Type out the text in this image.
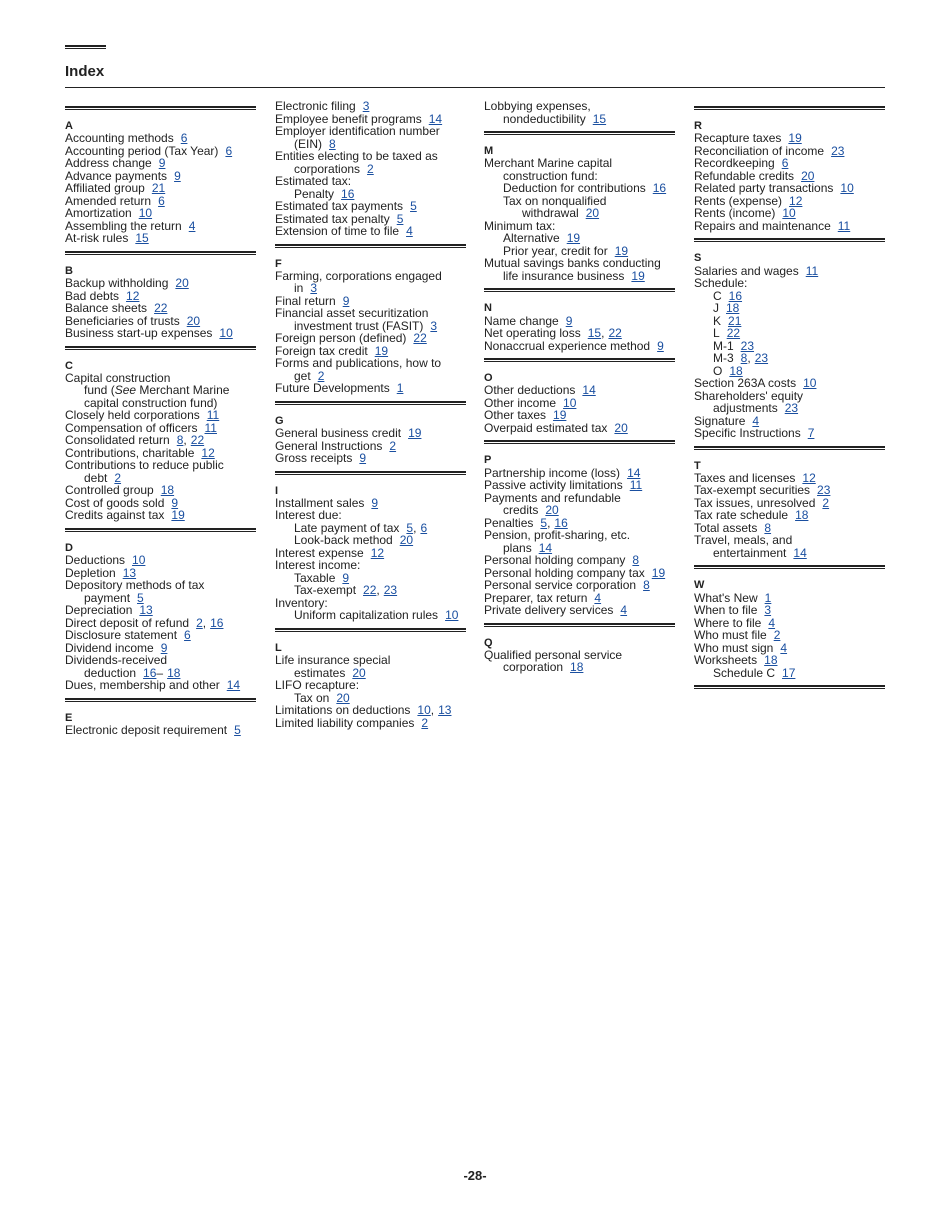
Index
A
Accounting methods 6
Accounting period (Tax Year) 6
Address change 9
Advance payments 9
Affiliated group 21
Amended return 6
Amortization 10
Assembling the return 4
At-risk rules 15
B
Backup withholding 20
Bad debts 12
Balance sheets 22
Beneficiaries of trusts 20
Business start-up expenses 10
C
Capital construction
fund (See Merchant Marine
capital construction fund)
Closely held corporations 11
Compensation of officers 11
Consolidated return 8, 22
Contributions, charitable 12
Contributions to reduce public
debt 2
Controlled group 18
Cost of goods sold 9
Credits against tax 19
D
Deductions 10
Depletion 13
Depository methods of tax
payment 5
Depreciation 13
Direct deposit of refund 2, 16
Disclosure statement 6
Dividend income 9
Dividends-received
deduction 16– 18
Dues, membership and other 14
E
Electronic deposit requirement 5
Electronic filing 3
Employee benefit programs 14
Employer identification number
(EIN) 8
Entities electing to be taxed as
corporations 2
Estimated tax:
Penalty 16
Estimated tax payments 5
Estimated tax penalty 5
Extension of time to file 4
F
Farming, corporations engaged
in 3
Final return 9
Financial asset securitization
investment trust (FASIT) 3
Foreign person (defined) 22
Foreign tax credit 19
Forms and publications, how to
get 2
Future Developments 1
G
General business credit 19
General Instructions 2
Gross receipts 9
I
Installment sales 9
Interest due:
Late payment of tax 5, 6
Look-back method 20
Interest expense 12
Interest income:
Taxable 9
Tax-exempt 22, 23
Inventory:
Uniform capitalization rules 10
L
Life insurance special
estimates 20
LIFO recapture:
Tax on 20
Limitations on deductions 10, 13
Limited liability companies 2
Lobbying expenses,
nondeductibility 15
M
Merchant Marine capital
construction fund:
Deduction for contributions 16
Tax on nonqualified
withdrawal 20
Minimum tax:
Alternative 19
Prior year, credit for 19
Mutual savings banks conducting
life insurance business 19
N
Name change 9
Net operating loss 15, 22
Nonaccrual experience method 9
O
Other deductions 14
Other income 10
Other taxes 19
Overpaid estimated tax 20
P
Partnership income (loss) 14
Passive activity limitations 11
Payments and refundable
credits 20
Penalties 5, 16
Pension, profit-sharing, etc.
plans 14
Personal holding company 8
Personal holding company tax 19
Personal service corporation 8
Preparer, tax return 4
Private delivery services 4
Q
Qualified personal service
corporation 18
R
Recapture taxes 19
Reconciliation of income 23
Recordkeeping 6
Refundable credits 20
Related party transactions 10
Rents (expense) 12
Rents (income) 10
Repairs and maintenance 11
S
Salaries and wages 11
Schedule:
C 16
J 18
K 21
L 22
M-1 23
M-3 8, 23
O 18
Section 263A costs 10
Shareholders' equity
adjustments 23
Signature 4
Specific Instructions 7
T
Taxes and licenses 12
Tax-exempt securities 23
Tax issues, unresolved 2
Tax rate schedule 18
Total assets 8
Travel, meals, and
entertainment 14
W
What's New 1
When to file 3
Where to file 4
Who must file 2
Who must sign 4
Worksheets 18
Schedule C 17
-28-
